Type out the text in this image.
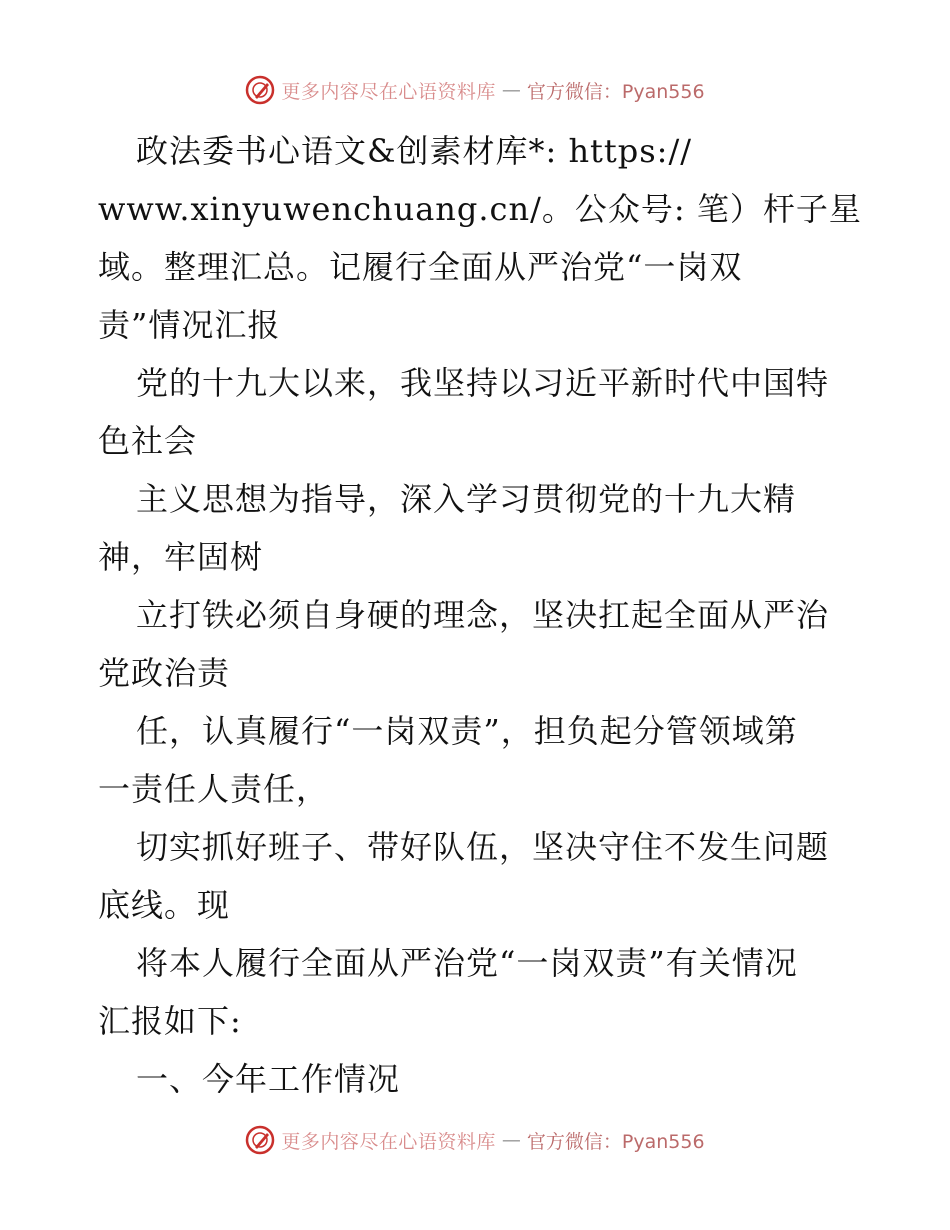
更多内容尽在心语资料库 — 官方微信：Pyan556
政法委书心语文&创素材库*: https://
www.xinyuwenchuang.cn/。公众号: 笔）杆子星
域。整理汇总。记履行全面从严治党“一岗双
责”情况汇报
党的十九大以来，我坚持以习近平新时代中国特
色社会
主义思想为指导，深入学习贯彻党的十九大精
神，牢固树
立打铁必须自身硬的理念，坚决扛起全面从严治
党政治责
任，认真履行“一岗双责”，担负起分管领域第
一责任人责任，
切实抓好班子、带好队伍，坚决守住不发生问题
底线。现
将本人履行全面从严治党“一岗双责”有关情况
汇报如下:
一、今年工作情况
更多内容尽在心语资料库 — 官方微信：Pyan556
